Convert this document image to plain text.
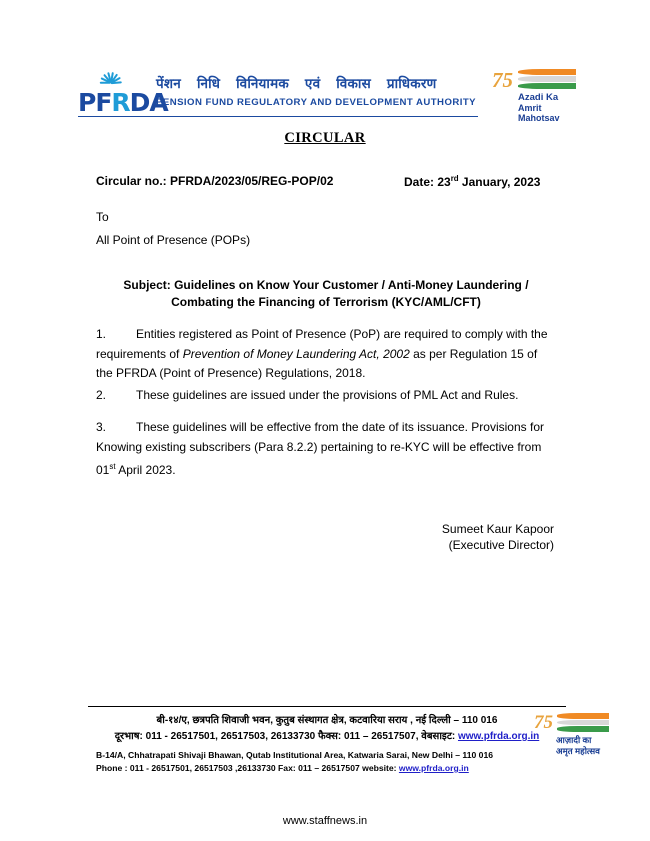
PFRDA
पेंशन निधि विनियामक एवं विकास प्राधिकरण
PENSION FUND REGULATORY AND DEVELOPMENT AUTHORITY
75
Azadi Ka
Amrit Mahotsav
CIRCULAR
Circular no.: PFRDA/2023/05/REG-POP/02	Date: 23rd January, 2023
To
All Point of Presence (POPs)
Subject: Guidelines on Know Your Customer / Anti-Money Laundering /
Combating the Financing of Terrorism (KYC/AML/CFT)
1. Entities registered as Point of Presence (PoP) are required to comply with the requirements of Prevention of Money Laundering Act, 2002 as per Regulation 15 of the PFRDA (Point of Presence) Regulations, 2018.
2. These guidelines are issued under the provisions of PML Act and Rules.
3. These guidelines will be effective from the date of its issuance. Provisions for Knowing existing subscribers (Para 8.2.2) pertaining to re-KYC will be effective from 01st April 2023.
Sumeet Kaur Kapoor
(Executive Director)
बी-१४/ए, छत्रपति शिवाजी भवन, कुतुब संस्थागत क्षेत्र, कटवारिया सराय , नई दिल्ली – 110 016
दूरभाष: 011 - 26517501, 26517503, 26133730 फैक्स: 011 – 26517507, वेबसाइट: www.pfrda.org.in
B-14/A, Chhatrapati Shivaji Bhawan, Qutab Institutional Area, Katwaria Sarai, New Delhi – 110 016
Phone : 011 - 26517501, 26517503 ,26133730 Fax: 011 – 26517507 website: www.pfrda.org.in
75
आज़ादी का
अमृत महोत्सव
www.staffnews.in
